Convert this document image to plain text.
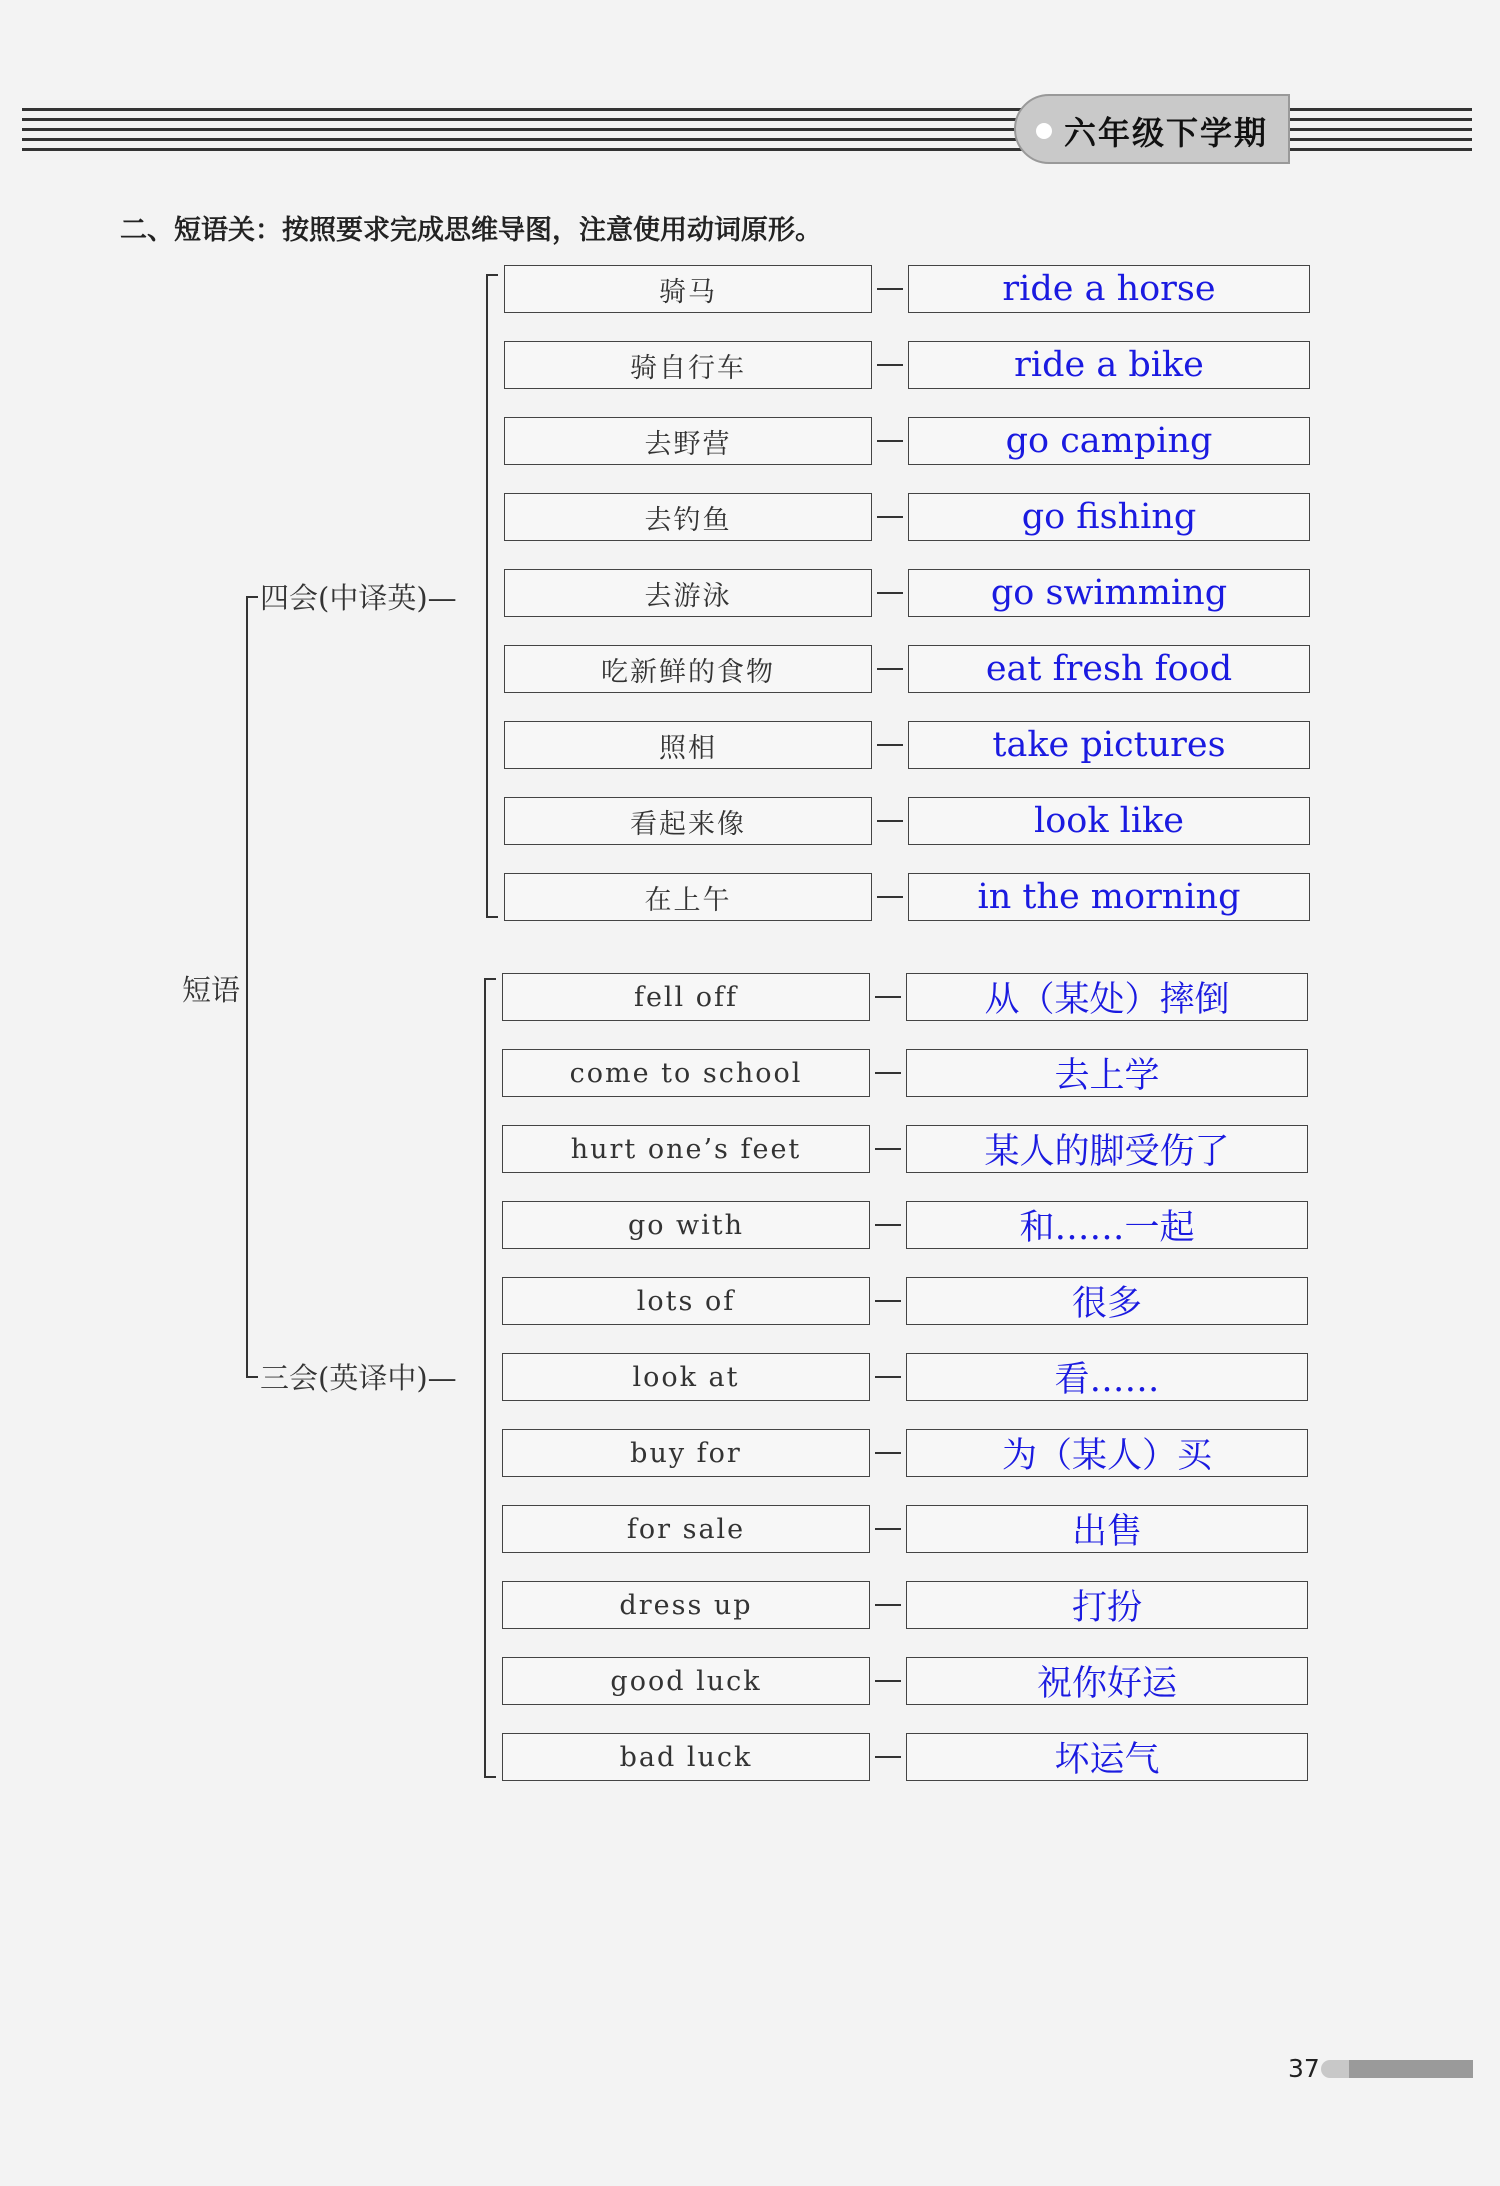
六年级下学期
二、短语关：按照要求完成思维导图，注意使用动词原形。
短语
四会(中译英)—
三会(英译中)—
骑马	ride a horse
骑自行车	ride a bike
去野营	go camping
去钓鱼	go fishing
去游泳	go swimming
吃新鲜的食物	eat fresh food
照相	take pictures
看起来像	look like
在上午	in the morning
fell off	从（某处）摔倒
come to school	去上学
hurt one’s feet	某人的脚受伤了
go with	和……一起
lots of	很多
look at	看……
buy for	为（某人）买
for sale	出售
dress up	打扮
good luck	祝你好运
bad luck	坏运气
37
